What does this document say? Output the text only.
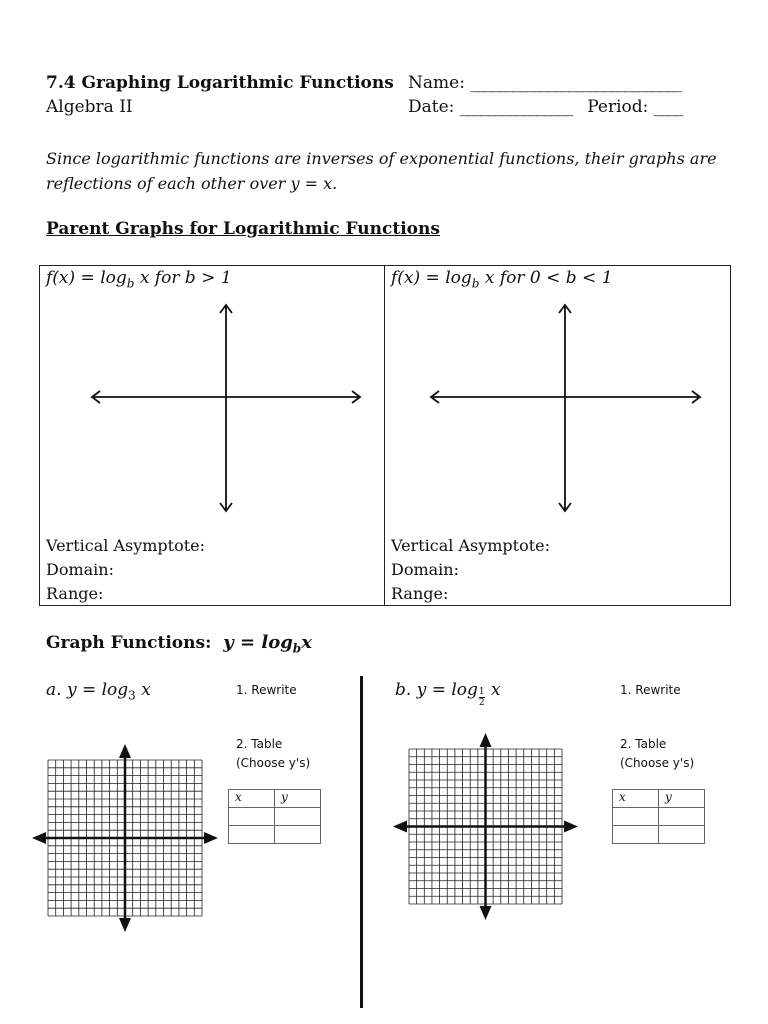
7.4 Graphing Logarithmic Functions
Algebra II
Name: ______________________________
Date: ________________ Period: ____
Since logarithmic functions are inverses of exponential functions, their graphs are reflections of each other over y = x.
Parent Graphs for Logarithmic Functions
$f(x) = \log_b x$ for b > 1	$f(x) = \log_b x$ for 0 < b < 1
Vertical Asymptote:
Domain:
Range:
Vertical Asymptote:
Domain:
Range:
Graph Functions: $y = \log_bx$
a. $y = \log_3 x$	1. Rewrite
2. Table
(Choose y's)
x	y

b. $y = \log \frac{1}{2}$ x	1. Rewrite
2. Table
(Choose y's)
x	y
